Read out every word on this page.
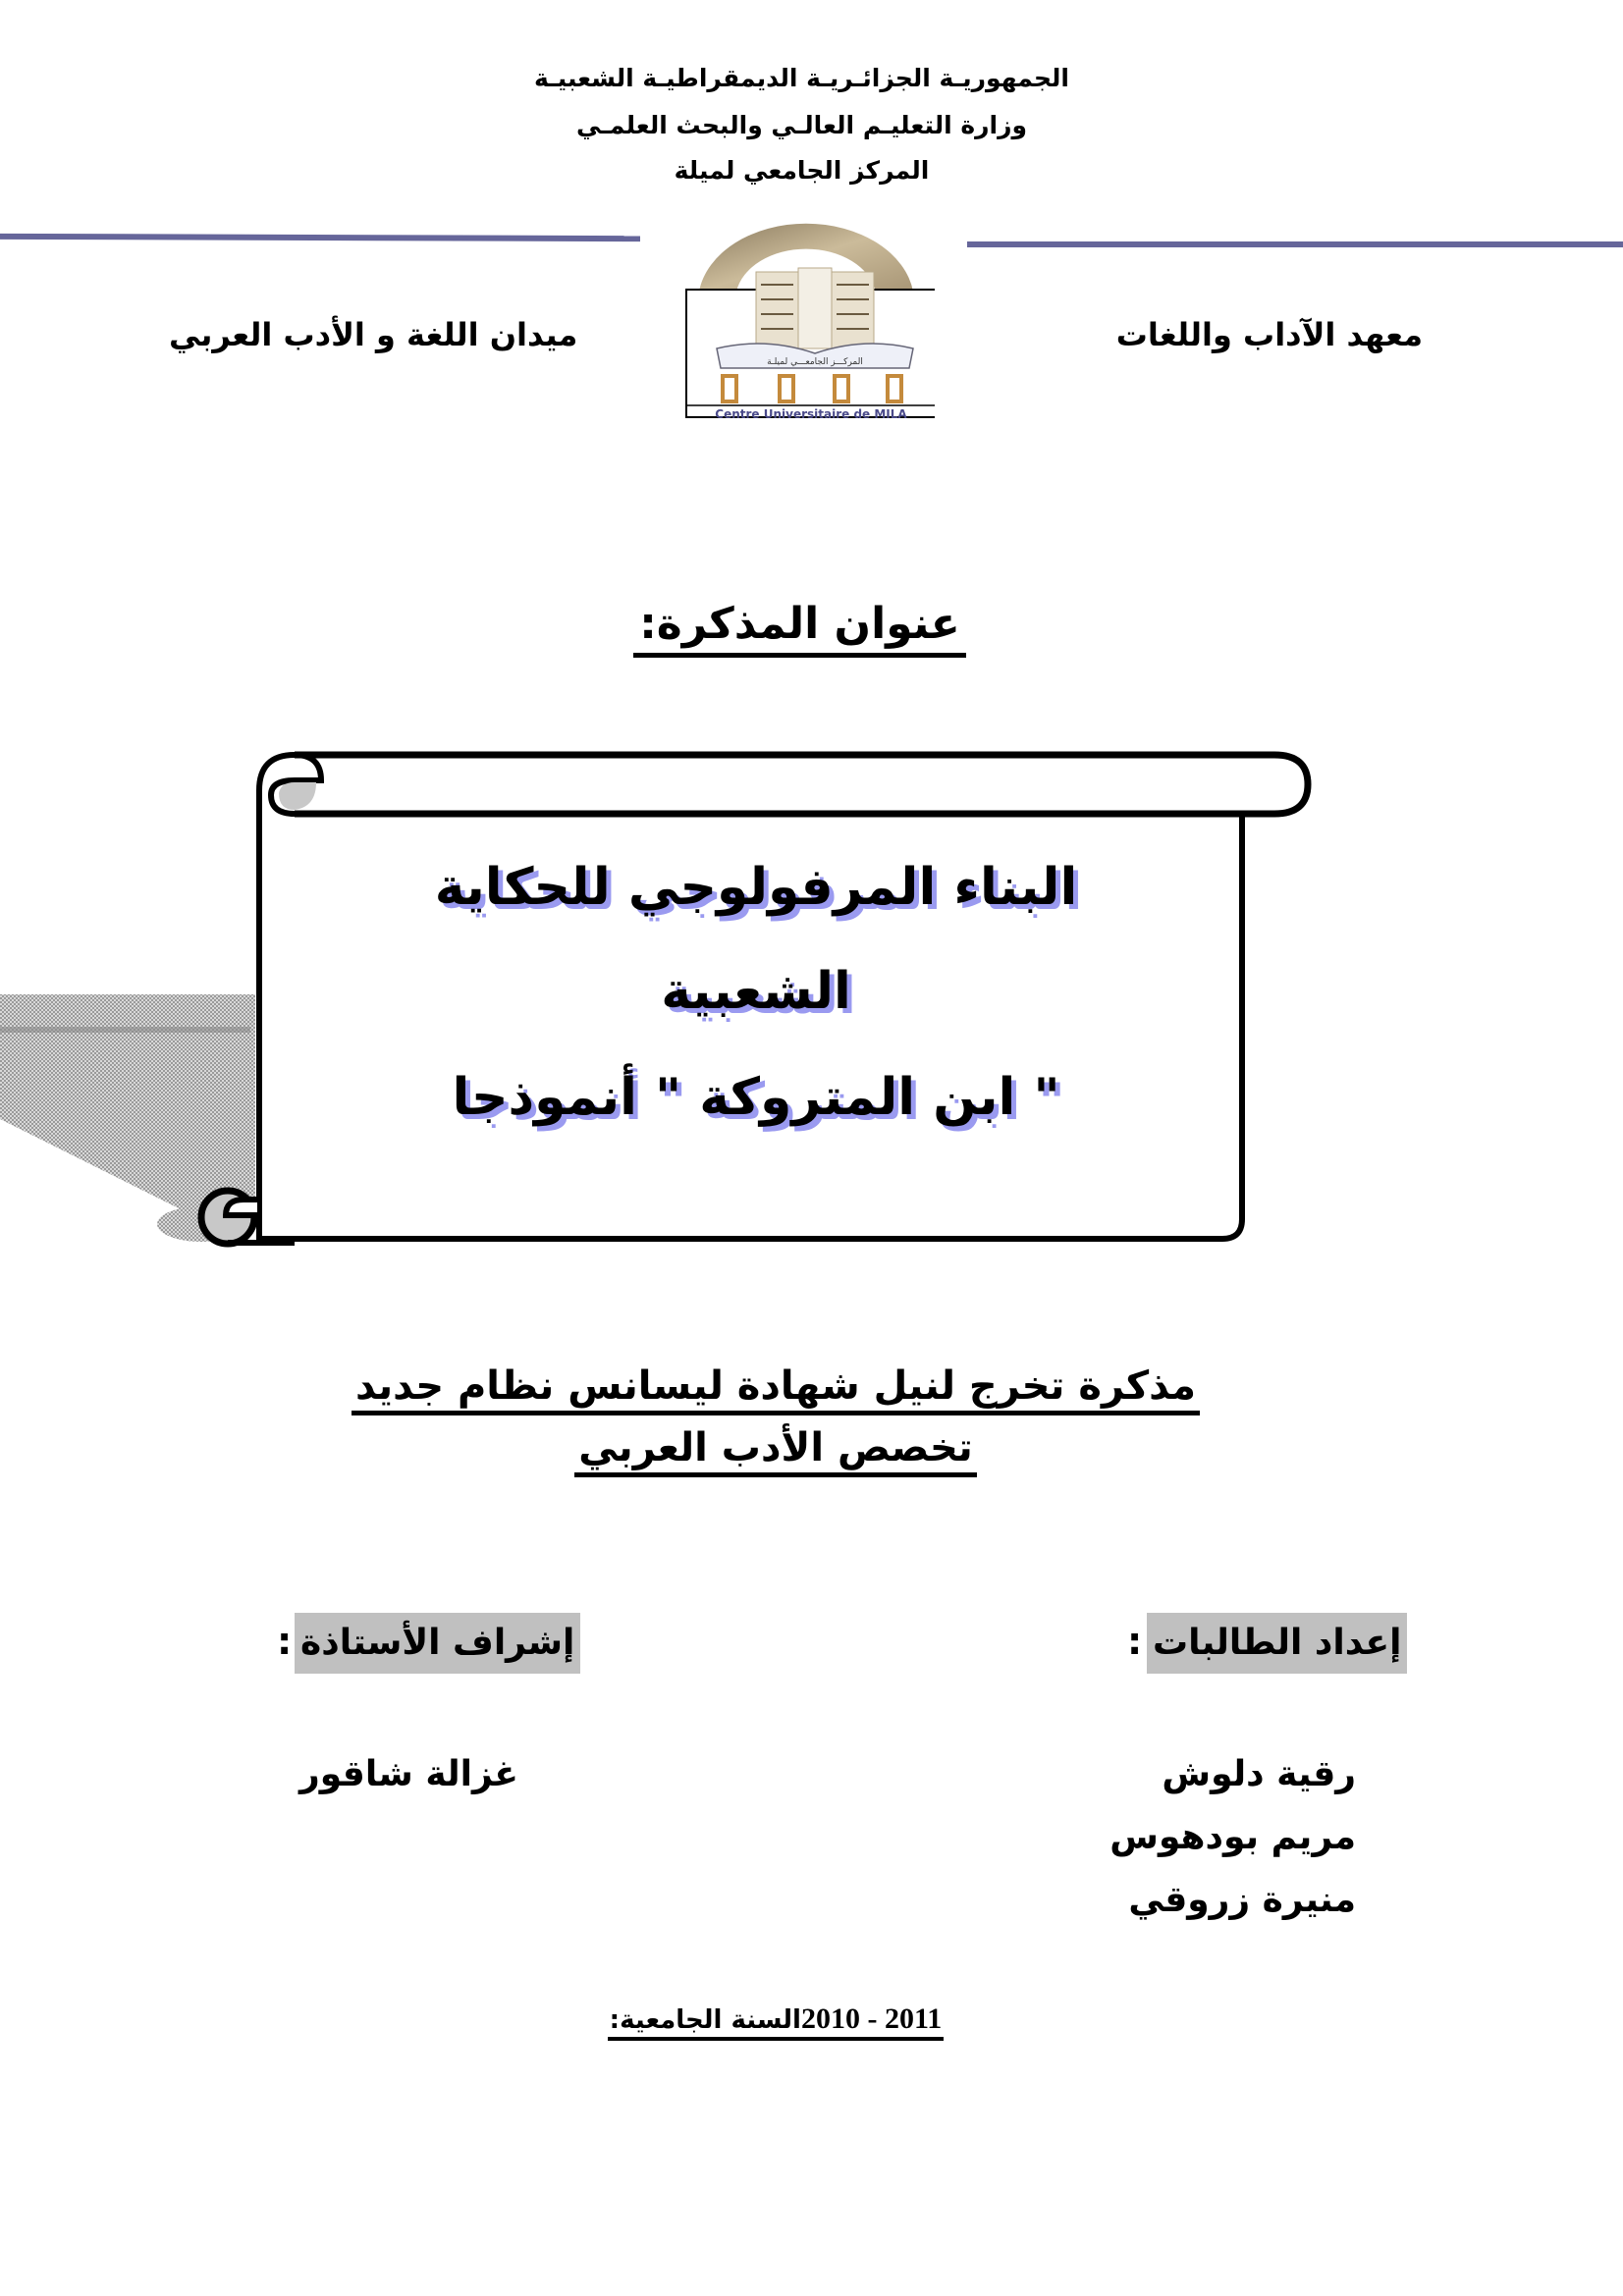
الجمهوريـة الجزائـريـة الديمقراطيـة الشعبيـة
وزارة التعليـم العالـي والبحث العلمـي
المركز الجامعي لميلة
معهد الآداب واللغات
ميدان اللغة و الأدب العربي
المركـــز الجامعـــي لميلـة
Centre Universitaire de MILA
عنوان المذكرة:
البناء المرفولوجي للحكاية
الشعبية
" ابن المتروكة " أنموذجا
مذكرة تخرج لنيل شهادة ليسانس نظام جديد
تخصص الأدب العربي
إعداد الطالبات
:
إشراف الأستاذة
:
رقية دلوش
مريم بودهوس
منيرة زروقي
غزالة شاقور
السنة الجامعية:2010 - 2011
